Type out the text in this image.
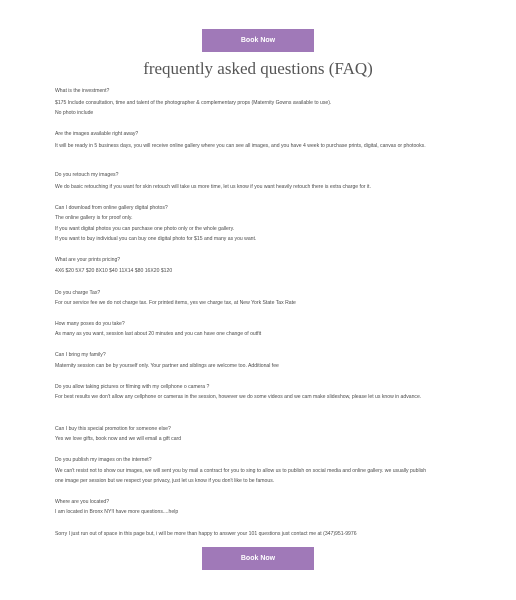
Book Now
frequently asked questions (FAQ)
What is the investment?
$175 Include consultation, time and talent of the photographer & complementary props (Maternity Gowns available to use).
No photo include
Are the images available right away?
It will be ready in 5 business days, you will receive online gallery where you can see all images, and you have 4 week to purchase prints, digital, canvas or photooks.
Do you retouch my images?
We do basic retouching if you want for skin retouch will take us more time, let us know if you want heavily retouch there is extra charge for it.
Can I download from online gallery digital photos?
The online gallery is for proof only.
If you want digital photos you can purchase one photo only or the whole gallery.
If you want to buy individual you can buy one digital photo for $15 and many as you want.
What are your prints pricing?
4X6 $20 5X7 $20 8X10 $40 11X14 $80 16X20 $120
Do you charge Tax?
For our service fee we do not charge tax. For printed items, yes we charge tax, at New York State Tax Rate
How many poses do you take?
As many as you want, session last about 20 minutes and you can have one change of outfit
Can I bring my family?
Maternity session can be by yourself only. Your partner and siblings are welcome too. Additional fee
Do you allow taking pictures or filming with my cellphone o camera ?
For best results we don't allow any cellphone or cameras in the session, however we do some videos and we cam make slideshow, please let us know in advance.
Can I buy this special promotion for someone else?
Yes we love gifts, book now and we will email a gift card
Do you publish my images on the internet?
We can't resist not to show our images, we will sent you by mail a contract for you to sing to allow us to publish on social media and online gallery. we usually publish
one image per session but we respect your privacy, just let us know if you don't like to be famous.
Where are you located?
I am located in Bronx NY!I have more questions....help
Sorry I just run out of space in this page but, i will be more than happy to answer your 101 questions just contact me at (347)951-9976
Book Now
